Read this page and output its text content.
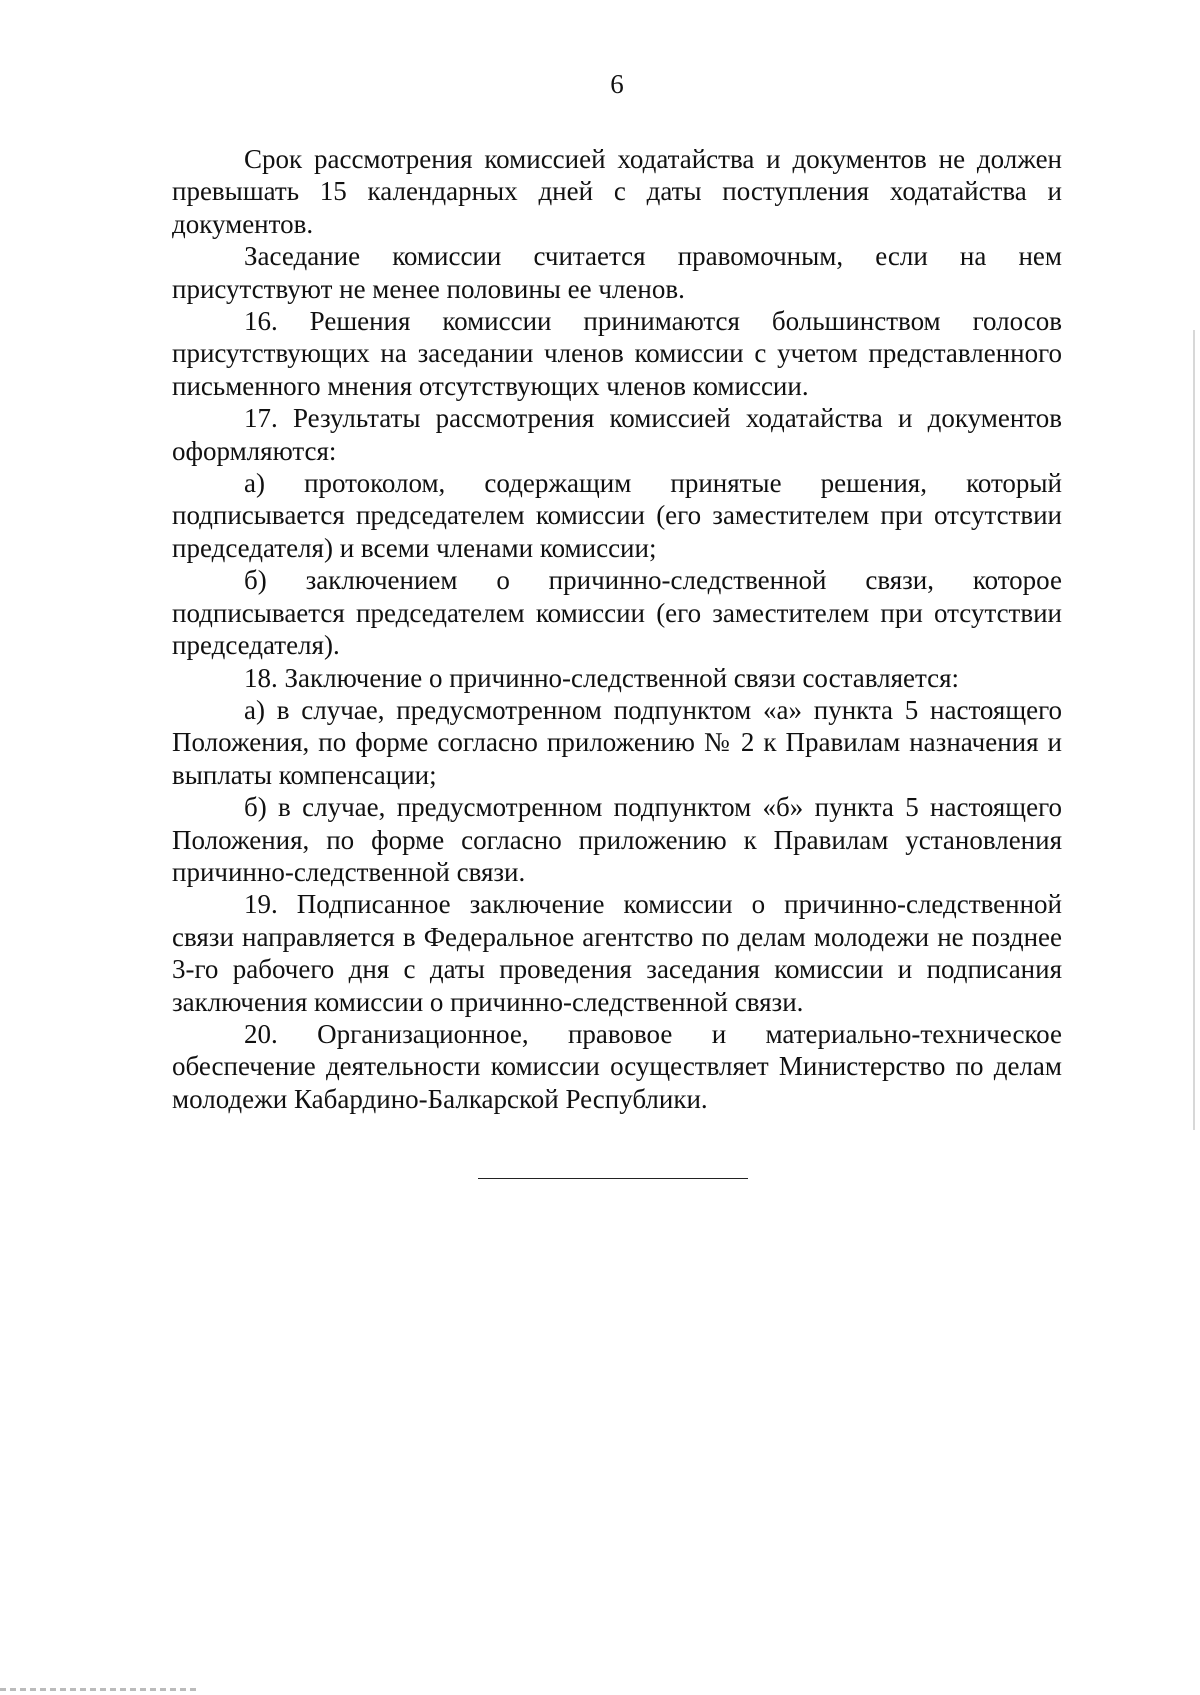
6

Срок рассмотрения комиссией ходатайства и документов не должен превышать 15 календарных дней с даты поступления ходатайства и документов.

Заседание комиссии считается правомочным, если на нем присутствуют не менее половины ее членов.

16. Решения комиссии принимаются большинством голосов присутствующих на заседании членов комиссии с учетом представленного письменного мнения отсутствующих членов комиссии.

17. Результаты рассмотрения комиссией ходатайства и документов оформляются:

а) протоколом, содержащим принятые решения, который подписывается председателем комиссии (его заместителем при отсутствии председателя) и всеми членами комиссии;

б) заключением о причинно-следственной связи, которое подписывается председателем комиссии (его заместителем при отсутствии председателя).

18. Заключение о причинно-следственной связи составляется:

а) в случае, предусмотренном подпунктом «а» пункта 5 настоящего Положения, по форме согласно приложению № 2 к Правилам назначения и выплаты компенсации;

б) в случае, предусмотренном подпунктом «б» пункта 5 настоящего Положения, по форме согласно приложению к Правилам установления причинно-следственной связи.

19. Подписанное заключение комиссии о причинно-следственной связи направляется в Федеральное агентство по делам молодежи не позднее 3-го рабочего дня с даты проведения заседания комиссии и подписания заключения комиссии о причинно-следственной связи.

20. Организационное, правовое и материально-техническое обеспечение деятельности комиссии осуществляет Министерство по делам молодежи Кабардино-Балкарской Республики.
